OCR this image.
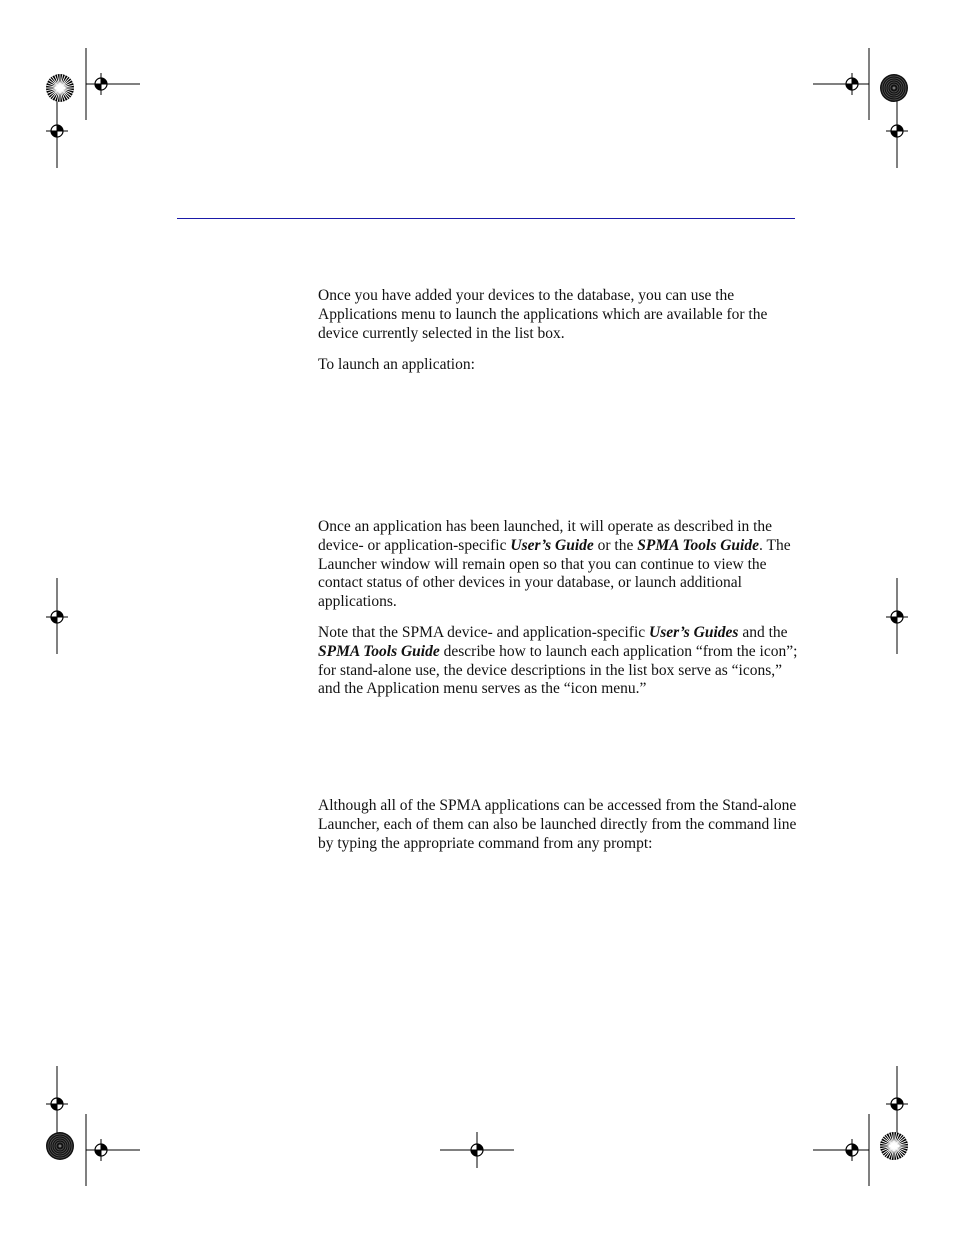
Once you have added your devices to the database, you can use the Applications menu to launch the applications which are available for the device currently selected in the list box.

To launch an application:

Once an application has been launched, it will operate as described in the device- or application-specific User’s Guide or the SPMA Tools Guide. The Launcher window will remain open so that you can continue to view the contact status of other devices in your database, or launch additional applications.

Note that the SPMA device- and application-specific User’s Guides and the SPMA Tools Guide describe how to launch each application “from the icon”; for stand-alone use, the device descriptions in the list box serve as “icons,” and the Application menu serves as the “icon menu.”

Although all of the SPMA applications can be accessed from the Stand-alone Launcher, each of them can also be launched directly from the command line by typing the appropriate command from any prompt:
